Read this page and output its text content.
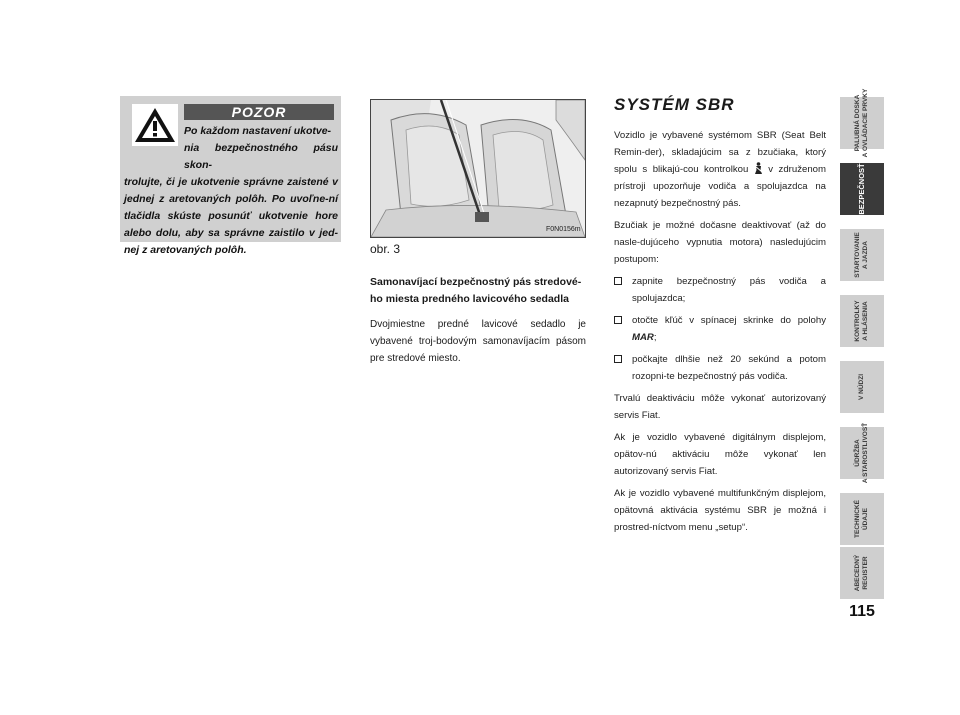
POZOR
Po každom nastavení ukotve-
nia bezpečnostného pásu skon-
trolujte, či je ukotvenie správne zaistené v jednej z aretovaných polôh. Po uvoľne-ní tlačidla skúste posunúť ukotvenie hore alebo dolu, aby sa správne zaistilo v jed-nej z aretovaných polôh.
F0N0156m
obr. 3
Samonavíjací bezpečnostný pás stredové-ho miesta predného lavicového sedadla
Dvojmiestne predné lavicové sedadlo je vybavené troj-bodovým samonavíjacím pásom pre stredové miesto.
SYSTÉM SBR

Vozidlo je vybavené systémom SBR (Seat Belt Remin-der), skladajúcim sa z bzučiaka, ktorý spolu s blikajú-cou kontrolkou v združenom prístroji upozorňuje vodiča a spolujazdca na nezapnutý bezpečnostný pás.

Bzučiak je možné dočasne deaktivovať (až do nasle-dujúceho vypnutia motora) nasledujúcim postupom:

zapnite bezpečnostný pás vodiča a spolujazdca;
otočte kľúč v spínacej skrinke do polohy MAR;
počkajte dlhšie než 20 sekúnd a potom rozopni-te bezpečnostný pás vodiča.

Trvalú deaktiváciu môže vykonať autorizovaný servis Fiat.

Ak je vozidlo vybavené digitálnym displejom, opätov-nú aktiváciu môže vykonať len autorizovaný servis Fiat.

Ak je vozidlo vybavené multifunkčným displejom, opätovná aktivácia systému SBR je možná i prostred-níctvom menu „setup“.

PALUBNÁ DOSKA
A OVLÁDACIE PRVKY
BEZPEČNOSŤ
STARTOVANIE
A JAZDA
KONTROLKY
A HLÁSENIA
V NÚDZI
ÚDRŽBA
A STAROSTLIVOSŤ
TECHNICKÉ
ÚDAJE
ABECEDNÝ
REGISTER
115
